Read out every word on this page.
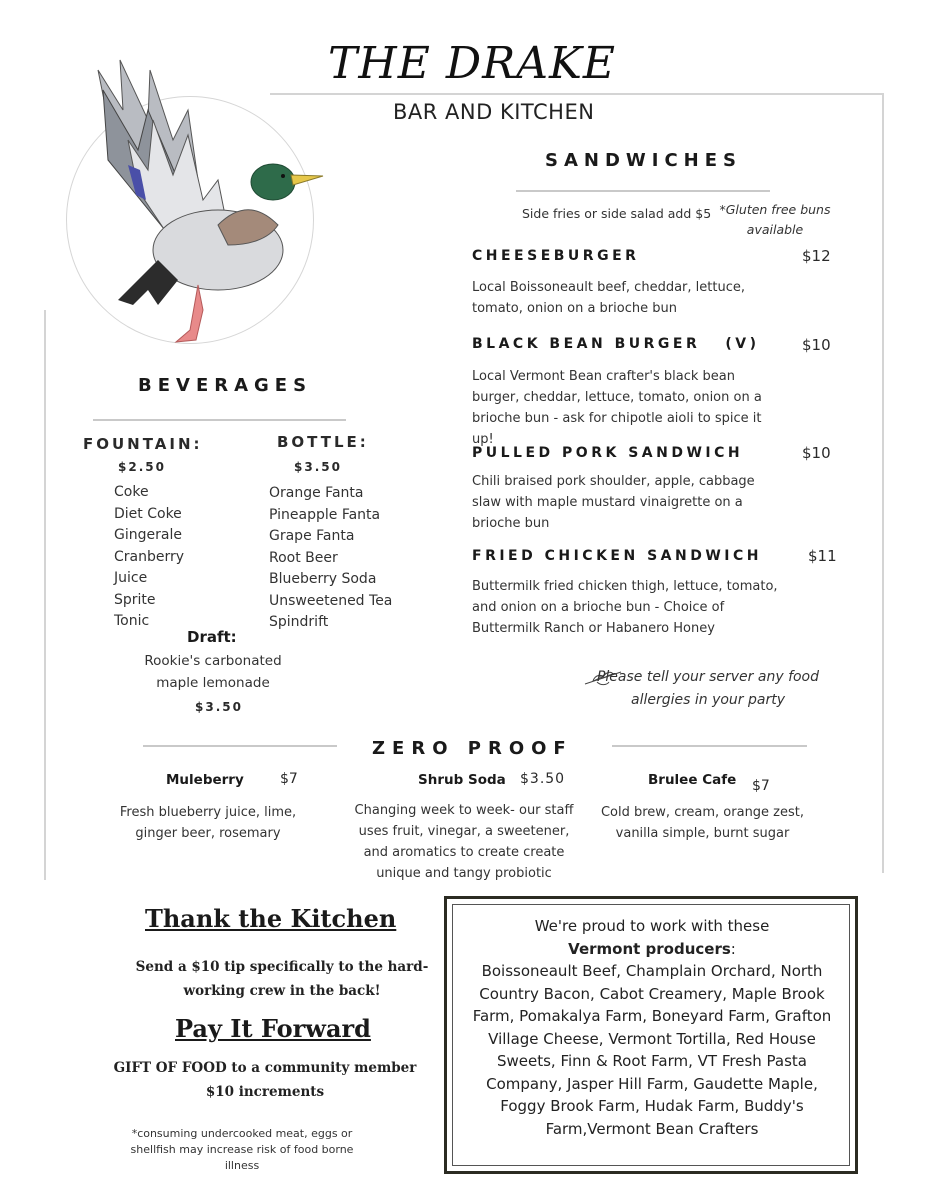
THE DRAKE
BAR AND KITCHEN
SANDWICHES
Side fries or side salad add $5 *Gluten free buns available
CHEESEBURGER	$12
Local Boissoneault beef, cheddar, lettuce, tomato, onion on a brioche bun
BLACK BEAN BURGER   (V)	$10
Local Vermont Bean crafter's black bean burger, cheddar, lettuce, tomato, onion on a brioche bun - ask for chipotle aioli to spice it up!
PULLED PORK SANDWICH	$10
Chili braised pork shoulder, apple, cabbage slaw with maple mustard vinaigrette on a brioche bun
FRIED CHICKEN SANDWICH	$11
Buttermilk fried chicken thigh, lettuce, tomato, and onion on a brioche bun - Choice of Buttermilk Ranch or Habanero Honey
Please tell your server any food allergies in your party
BEVERAGES
FOUNTAIN:
$2.50
Coke
Diet Coke
Gingerale
Cranberry
Juice
Sprite
Tonic
BOTTLE:
$3.50
Orange Fanta
Pineapple Fanta
Grape Fanta
Root Beer
Blueberry Soda
Unsweetened Tea
Spindrift
Draft:
Rookie's carbonated maple lemonade
$3.50
ZERO PROOF
Muleberry	$7
Fresh blueberry juice, lime, ginger beer, rosemary
Shrub Soda $3.50
Changing week to week- our staff uses fruit, vinegar, a sweetener, and aromatics to create create unique and tangy probiotic
Brulee Cafe $7
Cold brew, cream, orange zest, vanilla simple, burnt sugar
Thank the Kitchen
Send a $10 tip specifically to the hard-working crew in the back!
Pay It Forward
GIFT OF FOOD to a community member
$10 increments
*consuming undercooked meat, eggs or shellfish may increase risk of food borne illness
We're proud to work with these
Vermont producers:
Boissoneault Beef, Champlain Orchard, North Country Bacon, Cabot Creamery, Maple Brook Farm, Pomakalya Farm, Boneyard Farm, Grafton Village Cheese, Vermont Tortilla, Red House Sweets, Finn & Root Farm, VT Fresh Pasta Company, Jasper Hill Farm, Gaudette Maple, Foggy Brook Farm, Hudak Farm, Buddy's Farm,Vermont Bean Crafters
